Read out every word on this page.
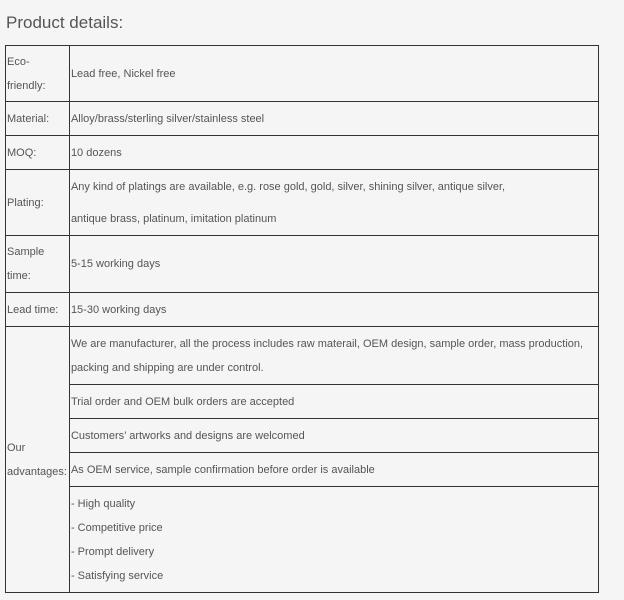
Product details:
Eco-friendly:	Lead free, Nickel free

Material:	Alloy/brass/sterling silver/stainless steel

MOQ:	10 dozens

Plating:	Any kind of platings are available, e.g. rose gold, gold, silver, shining silver, antique silver,
antique brass, platinum, imitation platinum

Sample time:	5-15 working days

Lead time:	15-30 working days

Our advantages:	We are manufacturer, all the process includes raw materail, OEM design, sample order, mass production,
packing and shipping are under control.

	Trial order and OEM bulk orders are accepted

	Customers’ artworks and designs are welcomed

	As OEM service, sample confirmation before order is available

	- High quality
- Competitive price
- Prompt delivery
- Satisfying service
